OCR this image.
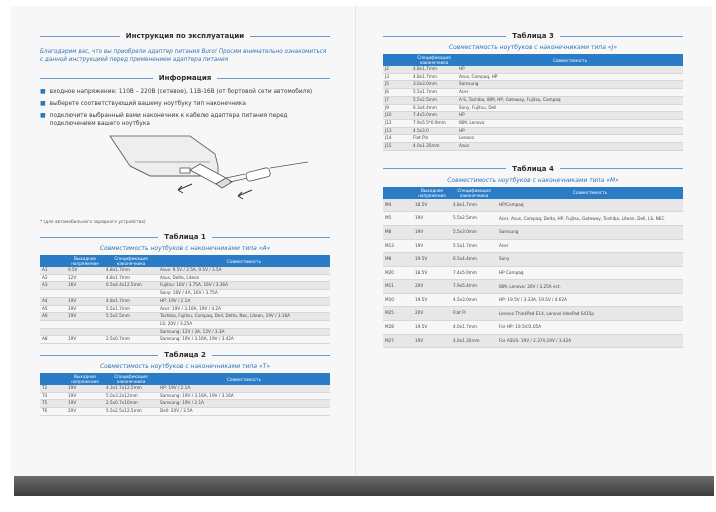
Инструкция по эксплуатации

Благодарим вас, что вы приобрели адаптер питания Buro! Просим внимательно ознакомиться с данной инструкцией перед применением адаптера питания

Информация
■ входное напряжение: 110В – 220В (сетевое), 11В-16В (от бортовой сети автомобиля)
■ выберете соответствующий вашему ноутбуку тип наконечника
■ подключите выбранный вами наконечник к кабелю адаптера питания перед подключением вашего ноутбука

* (для автомобильного зарядного устройства)

Таблица 1

Совместимость ноутбуков с наконечниками типа «A»

	Выходное напряжение	Спецификация наконечника	Совместимость
A1	9.5V	4.8x1.7mm	Asus: 9.5V / 2.5A, 9.5V / 3.5A
A2	12V	4.8x1.7mm	Asus, Delta, Liteon
A3	16V	6.5x4.4x12.5mm	Fujitsu: 16V / 3.75A, 16V / 3.36A
			Sony: 16V / 4A, 16V / 3.75A
A4	19V	4.8x1.7mm	HP: 19V / 2.1A
A5	19V	5.5x1.7mm	Acer: 19V / 3.16A, 19V / 4.2A
A6	19V	5.5x2.5mm	Toshiba, Fujitsu, Compaq, Dell, Delta, Nec, Liteon, 19V / 3.16A
			LS: 20V / 3.25A
			Samsung: 12V / 3A, 12V / 3.3A
A8	19V	2.5x0.7mm	Samsung: 19V / 3.16A, 19V / 3.42A
Таблица 2

Совместимость ноутбуков с наконечниками типа «T»

	Выходное напряжение	Спецификация наконечника	Совместимость
T2	19V	4.3x1.7x12.5mm	HP: 19V / 2.1A
T4	19V	5.0x3.2x12mm	Samsung: 19V / 3.16A, 19V / 3.16A
T5	19V	2.5x0.7x10mm	Samsung: 19V / 2.1A
T6	20V	5.5x2.5x12.5mm	Dell: 20V / 3.5A
Таблица 3

Совместимость ноутбуков с наконечниками типа «J»

	Спецификация наконечника	Совместимость
J2	4.8x1.7mm	HP
J3	4.8x1.7mm	Asus, Compaq, HP
J5	3.0x3.0mm	Samsung
J6	5.5x1.7mm	Acer
J7	5.5x2.5mm	A-S, Toshiba, IBM, HP, Gateway, Fujitsu, Compaq
J9	6.3x4.4mm	Sony, Fujitsu, Dell
J10	7.4x5.0mm	HP
J12	7.9x5.5*0.9mm	IBM, Lenovo
J13	4.5x3.0	HP
J14	Flat Pin	Lenovo
J15	4.0x1.35mm	Asus
Таблица 4

Совместимость ноутбуков с наконечниками типа «M»

	Выходное напряжение	Спецификация наконечника	Совместимость
M4	18.5V	4.8x1.7mm	HP/Compaq
M5	19V	5.5x2.5mm	Acer, Asus, Compaq, Delta, HP, Fujitsu, Gateway, Toshiba, Liteon, Dell, LS, NEC
M8	19V	5.5x3.0mm	Samsung
M13	19V	5.5x1.7mm	Acer
M8	19.5V	6.5x4.4mm	Sony
M20	18.5V	7.4x5.0mm	HP Compaq
M11	20V	7.9x5.4mm	IBM, Lenovo: 20V / 3.25A ect.
M10	19.5V	4.5x3.0mm	HP: 19.5V / 3.33A, 19.5V / 4.62A
M25	20V	Flat Pi	Lenovo ThinkPad E14, Lenovo IdeaPad S415p
M28	19.5V	4.0x1.7mm	For HP: 19.5V/2.05A
M27	19V	4.0x1.35mm	For ASUS: 19V / 2.37A,19V / 3.42A
